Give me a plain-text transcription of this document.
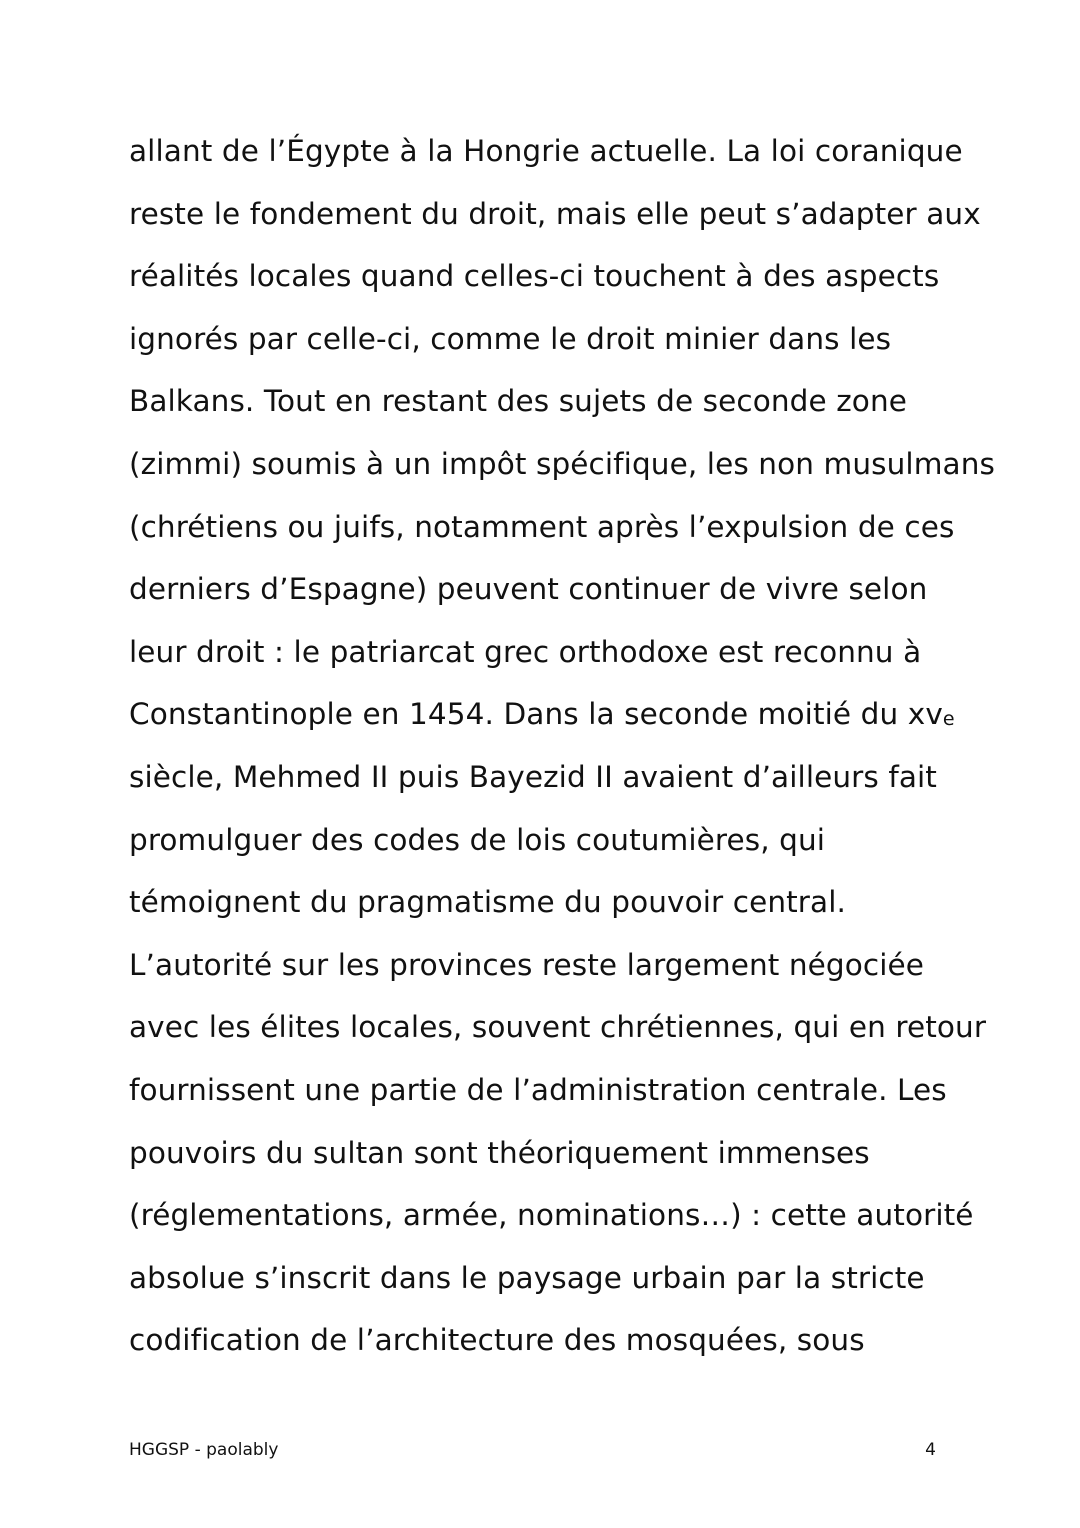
allant de l’Égypte à la Hongrie actuelle. La loi coranique
reste le fondement du droit, mais elle peut s’adapter aux
réalités locales quand celles-ci touchent à des aspects
ignorés par celle-ci, comme le droit minier dans les
Balkans. Tout en restant des sujets de seconde zone
(zimmi) soumis à un impôt spécifique, les non musulmans
(chrétiens ou juifs, notamment après l’expulsion de ces
derniers d’Espagne) peuvent continuer de vivre selon
leur droit : le patriarcat grec orthodoxe est reconnu à
Constantinople en 1454. Dans la seconde moitié du xve
siècle, Mehmed II puis Bayezid II avaient d’ailleurs fait
promulguer des codes de lois coutumières, qui
témoignent du pragmatisme du pouvoir central.
L’autorité sur les provinces reste largement négociée
avec les élites locales, souvent chrétiennes, qui en retour
fournissent une partie de l’administration centrale. Les
pouvoirs du sultan sont théoriquement immenses
(réglementations, armée, nominations…) : cette autorité
absolue s’inscrit dans le paysage urbain par la stricte
codification de l’architecture des mosquées, sous
HGGSP - paolably	4
